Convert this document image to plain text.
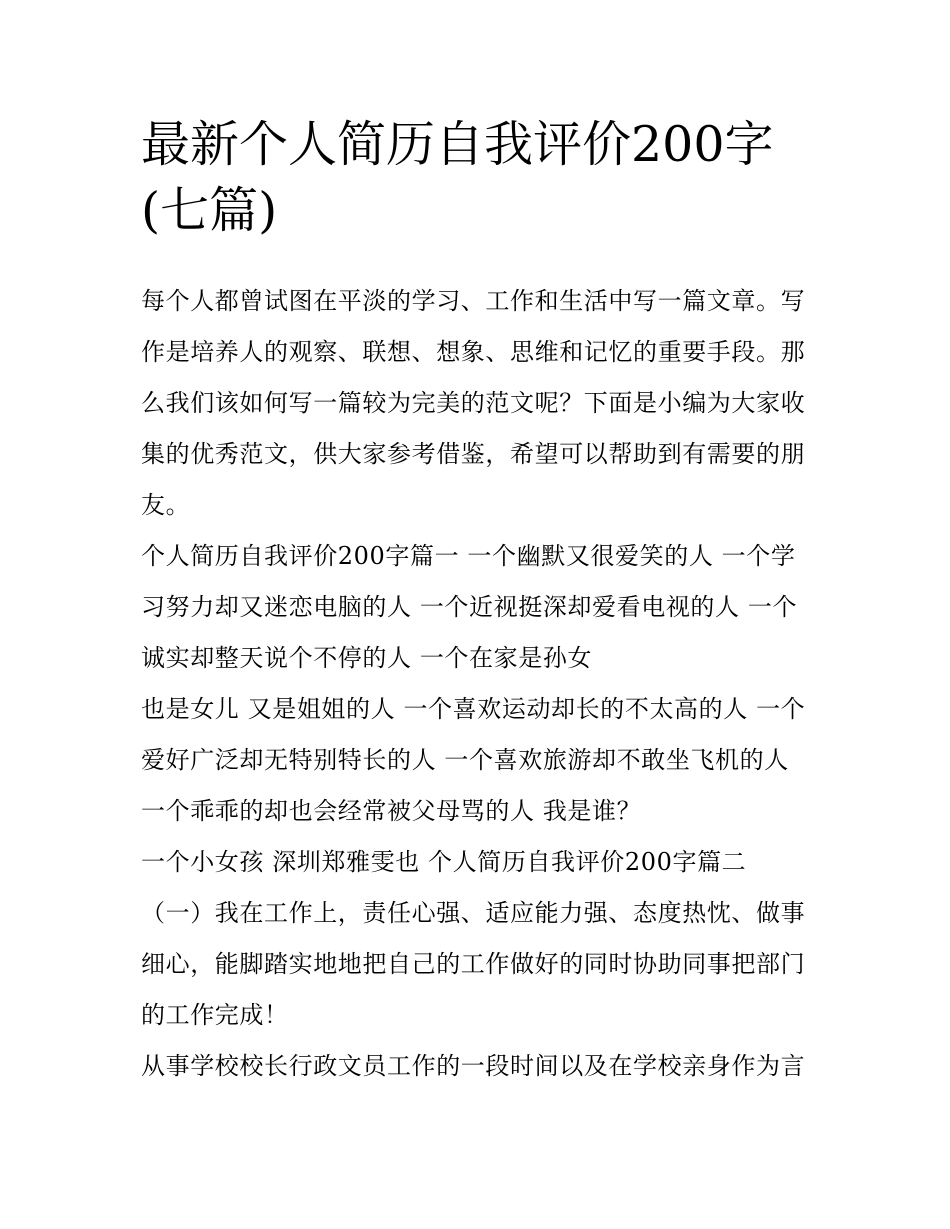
最新个人简历自我评价200字
(七篇)
每个人都曾试图在平淡的学习、工作和生活中写一篇文章。写
作是培养人的观察、联想、想象、思维和记忆的重要手段。那
么我们该如何写一篇较为完美的范文呢？下面是小编为大家收
集的优秀范文，供大家参考借鉴，希望可以帮助到有需要的朋
友。
个人简历自我评价200字篇一 一个幽默又很爱笑的人 一个学
习努力却又迷恋电脑的人 一个近视挺深却爱看电视的人 一个
诚实却整天说个不停的人 一个在家是孙女
也是女儿 又是姐姐的人 一个喜欢运动却长的不太高的人 一个
爱好广泛却无特别特长的人 一个喜欢旅游却不敢坐飞机的人
一个乖乖的却也会经常被父母骂的人 我是谁？
一个小女孩 深圳郑雅雯也 个人简历自我评价200字篇二
（一）我在工作上，责任心强、适应能力强、态度热忱、做事
细心，能脚踏实地地把自己的工作做好的同时协助同事把部门
的工作完成！
从事学校校长行政文员工作的一段时间以及在学校亲身作为言
